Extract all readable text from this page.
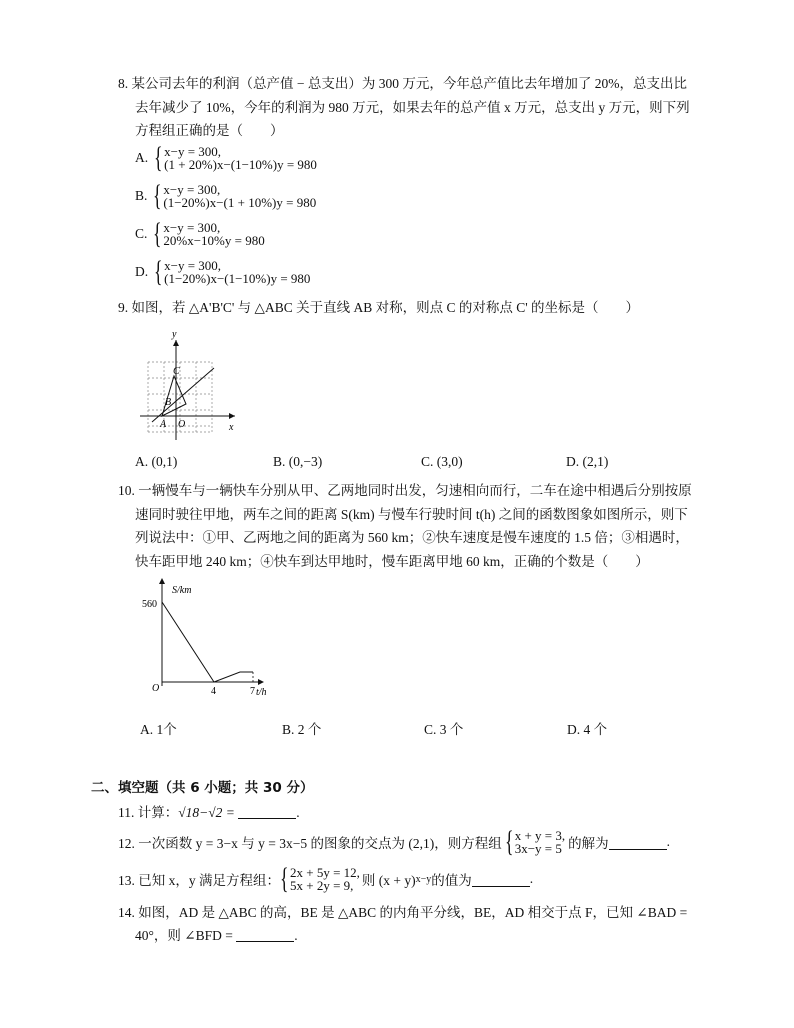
8. 某公司去年的利润（总产值 − 总支出）为 300 万元，今年总产值比去年增加了 20%，总支出比
去年减少了 10%，今年的利润为 980 万元，如果去年的总产值 x 万元，总支出 y 万元，则下列
方程组正确的是（　　）
A. { x−y = 300,
(1 + 20%)x−(1−10%)y = 980
B. { x−y = 300,
(1−20%)x−(1 + 10%)y = 980
C. { x−y = 300,
20%x−10%y = 980
D. { x−y = 300,
(1−20%)x−(1−10%)y = 980
9. 如图，若 △A'B'C' 与 △ABC 关于直线 AB 对称，则点 C 的对称点 C' 的坐标是（　　）
y
x
C
B
A O
A. (0,1)	B. (0,−3)	C. (3,0)	D. (2,1)
10. 一辆慢车与一辆快车分别从甲、乙两地同时出发，匀速相向而行，二车在途中相遇后分别按原
速同时驶往甲地，两车之间的距离 S(km) 与慢车行驶时间 t(h) 之间的函数图象如图所示，则下
列说法中：①甲、乙两地之间的距离为 560 km；②快车速度是慢车速度的 1.5 倍；③相遇时，
快车距甲地 240 km；④快车到达甲地时，慢车距离甲地 60 km，正确的个数是（　　）
S/km
560
O	4	7 t/h
A. 1个	B. 2 个	C. 3 个	D. 4 个
二、填空题（共 6 小题；共 30 分）
11. 计算：√18−√2 =	.
12. 一次函数 y = 3−x 与 y = 3x−5 的图象的交点为 (2,1)，则方程组 { x + y = 3,
3x−y = 5 的解为	.
13. 已知 x，y 满足方程组： { 2x + 5y = 12,
5x + 2y = 9, 则 (x + y) x−y 的值为	.
14. 如图，AD 是 △ABC 的高，BE 是 △ABC 的内角平分线，BE，AD 相交于点 F，已知 ∠BAD =
40°，则 ∠BFD =	.
